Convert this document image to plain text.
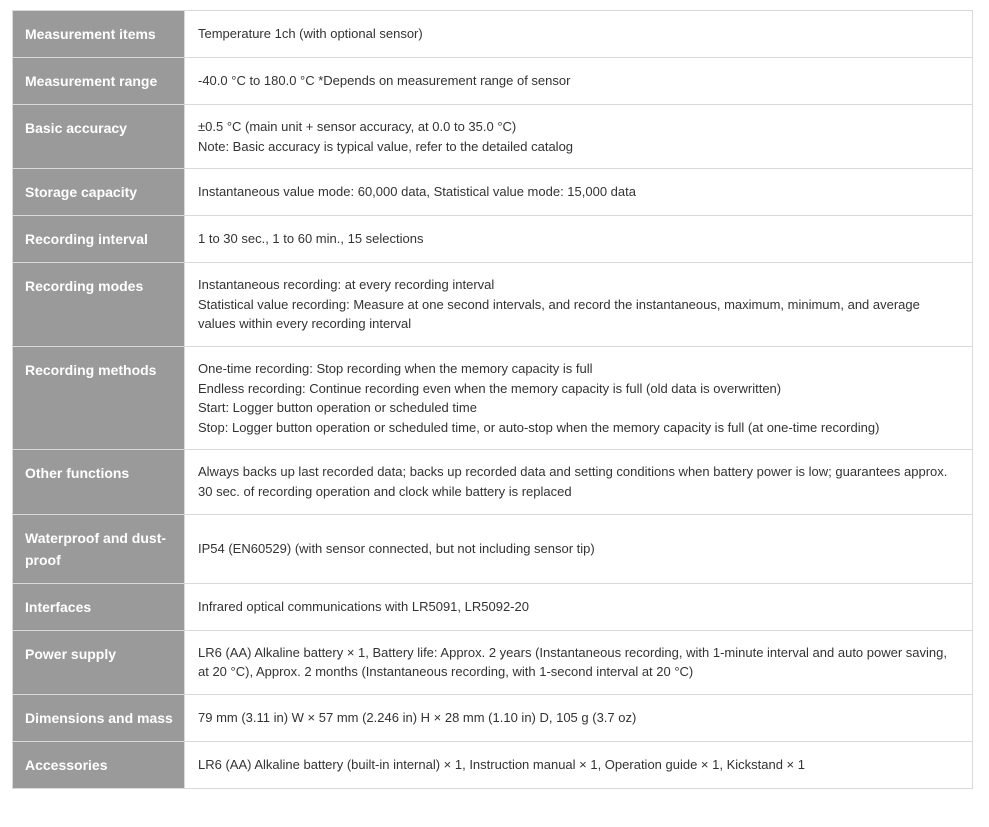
Measurement items	Temperature 1ch (with optional sensor)

Measurement range	-40.0 °C to 180.0 °C *Depends on measurement range of sensor

Basic accuracy	±0.5 °C (main unit + sensor accuracy, at 0.0 to 35.0 °C)
Note: Basic accuracy is typical value, refer to the detailed catalog

Storage capacity	Instantaneous value mode: 60,000 data, Statistical value mode: 15,000 data

Recording interval	1 to 30 sec., 1 to 60 min., 15 selections

Recording modes	Instantaneous recording: at every recording interval
Statistical value recording: Measure at one second intervals, and record the instantaneous, maximum, minimum, and average values within every recording interval

Recording methods	One-time recording: Stop recording when the memory capacity is full
Endless recording: Continue recording even when the memory capacity is full (old data is overwritten)
Start: Logger button operation or scheduled time
Stop: Logger button operation or scheduled time, or auto-stop when the memory capacity is full (at one-time recording)

Other functions	Always backs up last recorded data; backs up recorded data and setting conditions when battery power is low; guarantees approx. 30 sec. of recording operation and clock while battery is replaced

Waterproof and dust-proof	IP54 (EN60529) (with sensor connected, but not including sensor tip)

Interfaces	Infrared optical communications with LR5091, LR5092-20

Power supply	LR6 (AA) Alkaline battery × 1, Battery life: Approx. 2 years (Instantaneous recording, with 1-minute interval and auto power saving, at 20 °C), Approx. 2 months (Instantaneous recording, with 1-second interval at 20 °C)

Dimensions and mass	79 mm (3.11 in) W × 57 mm (2.246 in) H × 28 mm (1.10 in) D, 105 g (3.7 oz)

Accessories	LR6 (AA) Alkaline battery (built-in internal) × 1, Instruction manual × 1, Operation guide × 1, Kickstand × 1
